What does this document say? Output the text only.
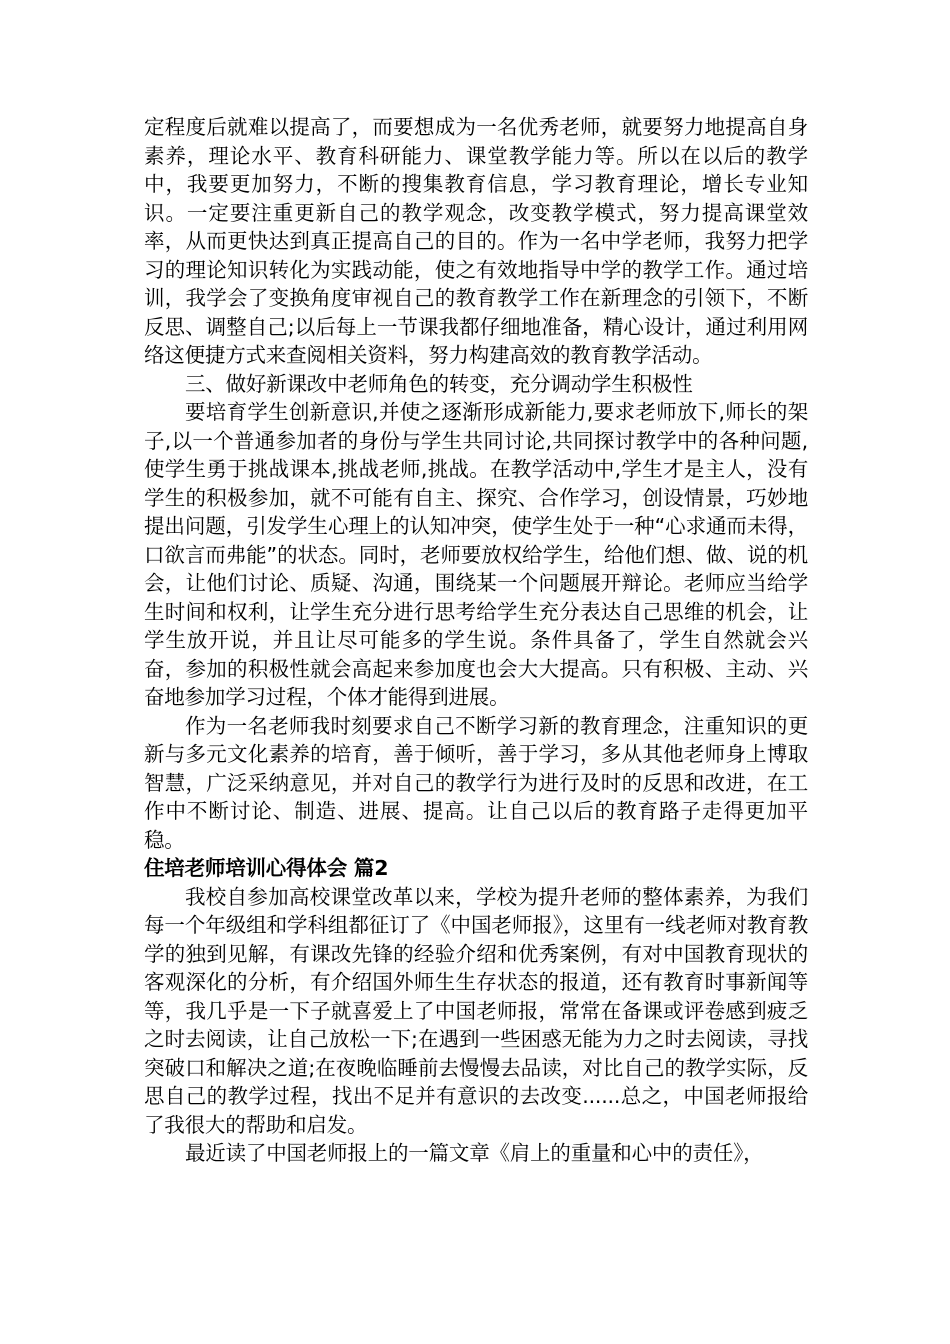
定程度后就难以提高了，而要想成为一名优秀老师，就要努力地提高自身素养，理论水平、教育科研能力、课堂教学能力等。所以在以后的教学中，我要更加努力，不断的搜集教育信息，学习教育理论，增长专业知识。一定要注重更新自己的教学观念，改变教学模式，努力提高课堂效率，从而更快达到真正提高自己的目的。作为一名中学老师，我努力把学习的理论知识转化为实践动能，使之有效地指导中学的教学工作。通过培训，我学会了变换角度审视自己的教育教学工作在新理念的引领下，不断反思、调整自己;以后每上一节课我都仔细地准备，精心设计，通过利用网络这便捷方式来查阅相关资料，努力构建高效的教育教学活动。

三、做好新课改中老师角色的转变，充分调动学生积极性

要培育学生创新意识,并使之逐渐形成新能力,要求老师放下,师长的架子,以一个普通参加者的身份与学生共同讨论,共同探讨教学中的各种问题,使学生勇于挑战课本,挑战老师,挑战。在教学活动中,学生才是主人，没有学生的积极参加，就不可能有自主、探究、合作学习，创设情景，巧妙地提出问题，引发学生心理上的认知冲突，使学生处于一种“心求通而未得，口欲言而弗能”的状态。同时，老师要放权给学生，给他们想、做、说的机会，让他们讨论、质疑、沟通，围绕某一个问题展开辩论。老师应当给学生时间和权利，让学生充分进行思考给学生充分表达自己思维的机会，让学生放开说，并且让尽可能多的学生说。条件具备了，学生自然就会兴奋，参加的积极性就会高起来参加度也会大大提高。只有积极、主动、兴奋地参加学习过程，个体才能得到进展。

作为一名老师我时刻要求自己不断学习新的教育理念，注重知识的更新与多元文化素养的培育，善于倾听，善于学习，多从其他老师身上博取智慧，广泛采纳意见，并对自己的教学行为进行及时的反思和改进，在工作中不断讨论、制造、进展、提高。让自己以后的教育路子走得更加平稳。

住培老师培训心得体会 篇2

我校自参加高校课堂改革以来，学校为提升老师的整体素养，为我们每一个年级组和学科组都征订了《中国老师报》，这里有一线老师对教育教学的独到见解，有课改先锋的经验介绍和优秀案例，有对中国教育现状的客观深化的分析，有介绍国外师生生存状态的报道，还有教育时事新闻等等，我几乎是一下子就喜爱上了中国老师报，常常在备课或评卷感到疲乏之时去阅读，让自己放松一下;在遇到一些困惑无能为力之时去阅读，寻找突破口和解决之道;在夜晚临睡前去慢慢去品读，对比自己的教学实际，反思自己的教学过程，找出不足并有意识的去改变......总之，中国老师报给了我很大的帮助和启发。

最近读了中国老师报上的一篇文章《肩上的重量和心中的责任》，
